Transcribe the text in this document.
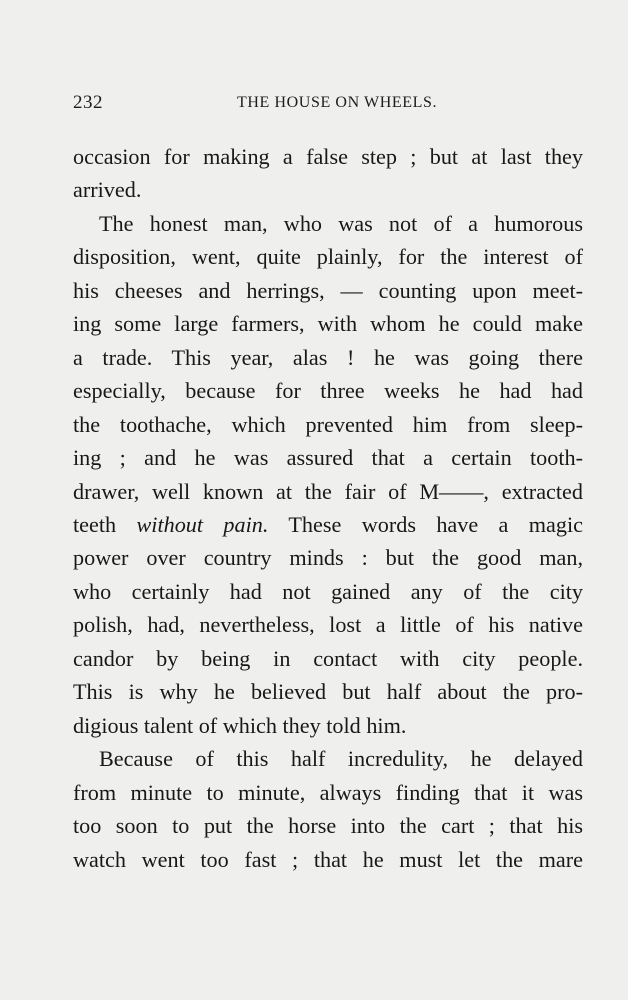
232	THE HOUSE ON WHEELS.
occasion for making a false step ; but at last they
arrived.
The honest man, who was not of a humorous
disposition, went, quite plainly, for the interest of
his cheeses and herrings, — counting upon meet-
ing some large farmers, with whom he could make
a trade. This year, alas ! he was going there
especially, because for three weeks he had had
the toothache, which prevented him from sleep-
ing ; and he was assured that a certain tooth-
drawer, well known at the fair of M——, extracted
teeth without pain. These words have a magic
power over country minds : but the good man,
who certainly had not gained any of the city
polish, had, nevertheless, lost a little of his native
candor by being in contact with city people.
This is why he believed but half about the pro-
digious talent of which they told him.
Because of this half incredulity, he delayed
from minute to minute, always finding that it was
too soon to put the horse into the cart ; that his
watch went too fast ; that he must let the mare
